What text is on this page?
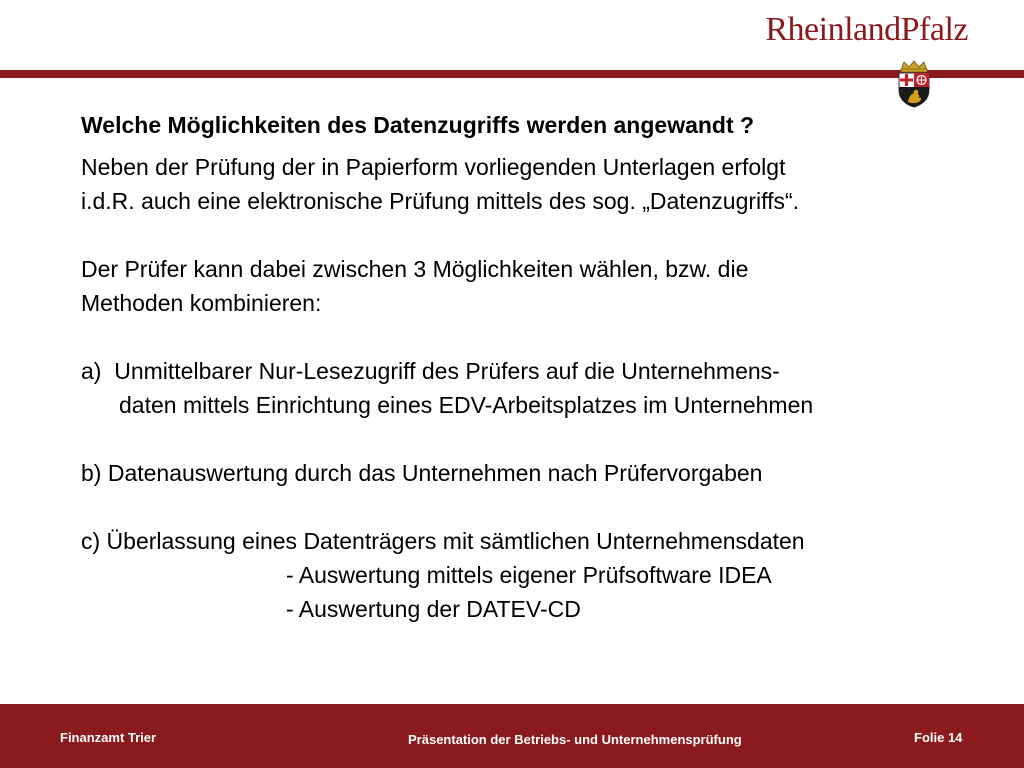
RheinlandPfalz

Welche Möglichkeiten des Datenzugriffs werden angewandt ?

Neben der Prüfung der in Papierform vorliegenden Unterlagen erfolgt

i.d.R. auch eine elektronische Prüfung mittels des sog. „Datenzugriffs“.

Der Prüfer kann dabei zwischen 3 Möglichkeiten wählen, bzw. die

Methoden kombinieren:

a)  Unmittelbarer Nur-Lesezugriff des Prüfers auf die Unternehmens-

daten mittels Einrichtung eines EDV-Arbeitsplatzes im Unternehmen

b) Datenauswertung durch das Unternehmen nach Prüfervorgaben

c) Überlassung eines Datenträgers mit sämtlichen Unternehmensdaten

- Auswertung mittels eigener Prüfsoftware IDEA

- Auswertung der DATEV-CD

Finanzamt Trier	Präsentation der Betriebs- und Unternehmensprüfung	Folie 14
